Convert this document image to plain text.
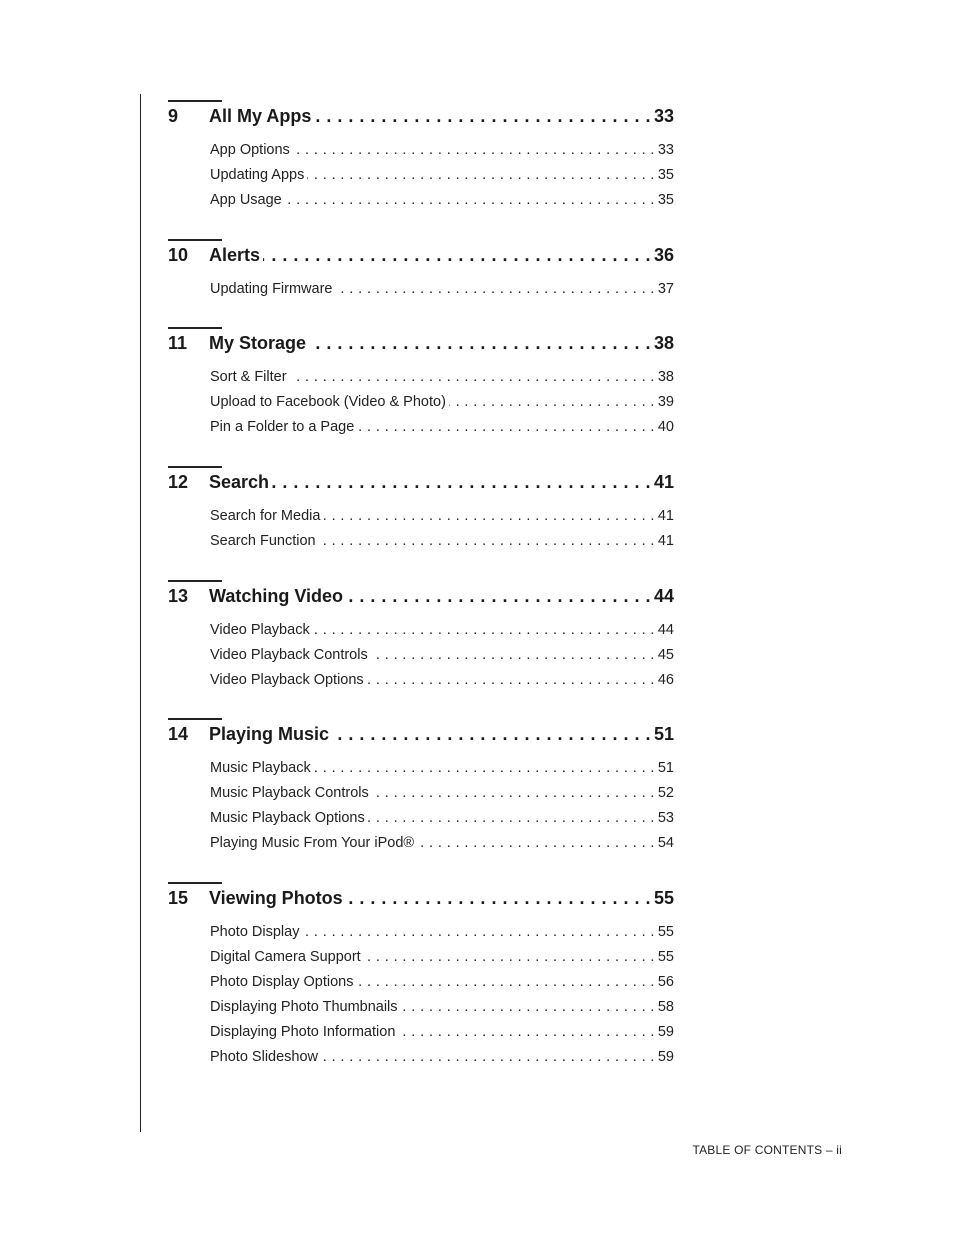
9	All My Apps . . .	33
App Options . . .	33
Updating Apps . . .	35
App Usage . . .	35
10	Alerts . . .	36
Updating Firmware . . .	37
11	My Storage . . .	38
Sort & Filter . . .	38
Upload to Facebook (Video & Photo) . . .	39
Pin a Folder to a Page . . .	40
12	Search . . .	41
Search for Media . . .	41
Search Function . . .	41
13	Watching Video . . .	44
Video Playback . . .	44
Video Playback Controls . . .	45
Video Playback Options . . .	46
14	Playing Music . . .	51
Music Playback . . .	51
Music Playback Controls . . .	52
Music Playback Options . . .	53
Playing Music From Your iPod® . . .	54
15	Viewing Photos . . .	55
Photo Display . . .	55
Digital Camera Support . . .	55
Photo Display Options . . .	56
Displaying Photo Thumbnails . . .	58
Displaying Photo Information . . .	59
Photo Slideshow . . .	59
TABLE OF CONTENTS – ii
